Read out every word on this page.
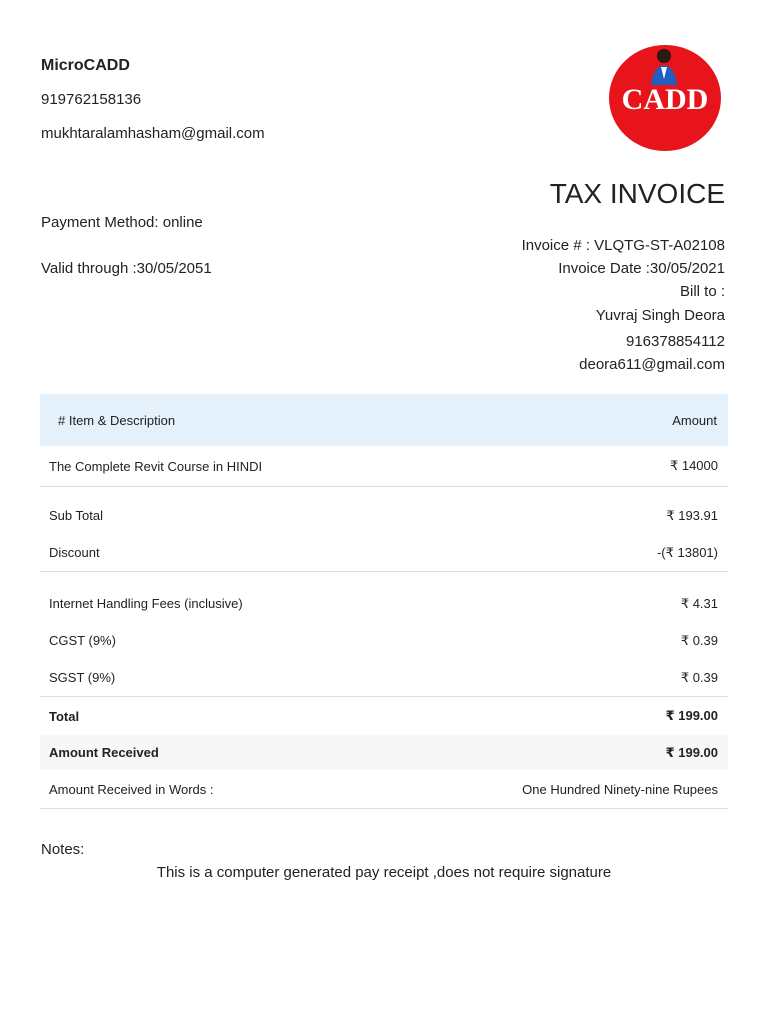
MicroCADD
919762158136
mukhtaralamhasham@gmail.com
CADD
TAX INVOICE
Payment Method: online
Valid through :30/05/2051
Invoice # : VLQTG-ST-A02108
Invoice Date :30/05/2021
Bill to :
Yuvraj Singh Deora
916378854112
deora611@gmail.com
# Item & Description	Amount
The Complete Revit Course in HINDI	₹ 14000
Sub Total	₹ 193.91
Discount	-(₹ 13801)
Internet Handling Fees (inclusive)	₹ 4.31
CGST (9%)	₹ 0.39
SGST (9%)	₹ 0.39
Total	₹ 199.00
Amount Received	₹ 199.00
Amount Received in Words :	One Hundred Ninety-nine Rupees
Notes:
This is a computer generated pay receipt ,does not require signature
